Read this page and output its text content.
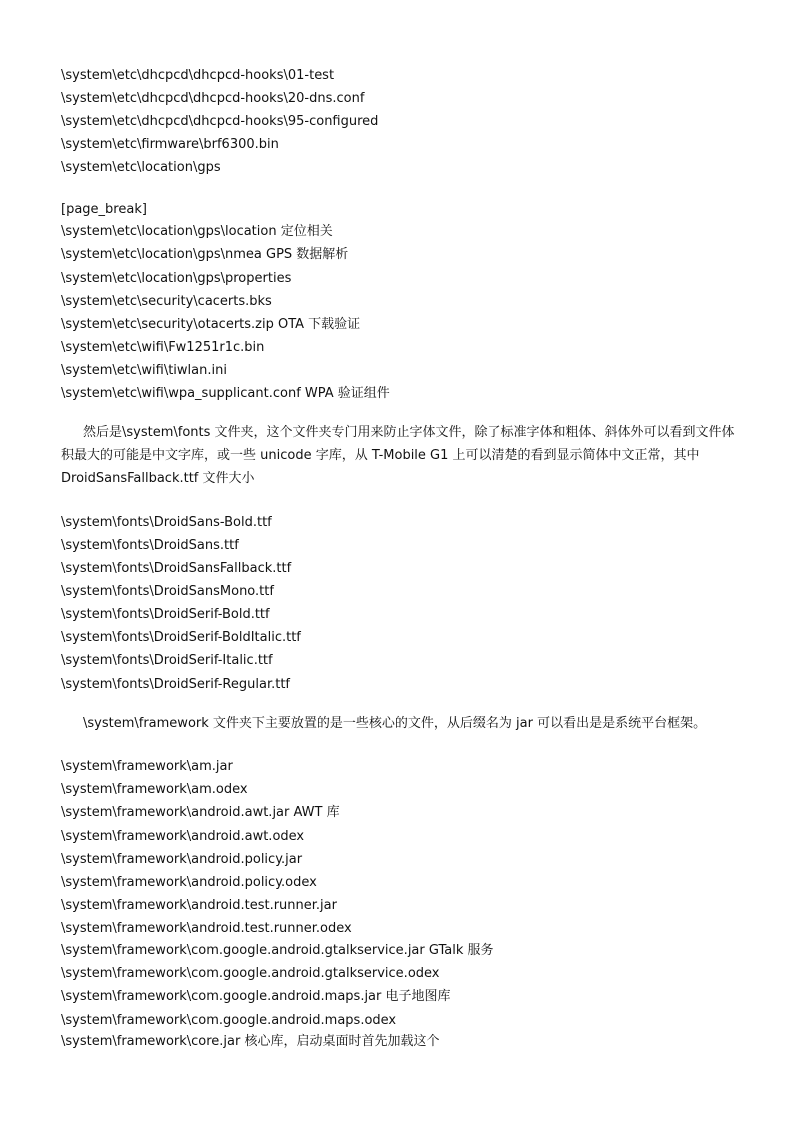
\system\etc\dhcpcd\dhcpcd-hooks\01-test
\system\etc\dhcpcd\dhcpcd-hooks\20-dns.conf
\system\etc\dhcpcd\dhcpcd-hooks\95-configured
\system\etc\firmware\brf6300.bin
\system\etc\location\gps
[page_break]
\system\etc\location\gps\location 定位相关
\system\etc\location\gps\nmea GPS 数据解析
\system\etc\location\gps\properties
\system\etc\security\cacerts.bks
\system\etc\security\otacerts.zip OTA 下载验证
\system\etc\wifi\Fw1251r1c.bin
\system\etc\wifi\tiwlan.ini
\system\etc\wifi\wpa_supplicant.conf WPA 验证组件
然后是\system\fonts 文件夹，这个文件夹专门用来防止字体文件，除了标准字体和粗体、斜体外可以看到文件体积最大的可能是中文字库，或一些 unicode 字库，从 T-Mobile G1 上可以清楚的看到显示简体中文正常，其中 DroidSansFallback.ttf 文件大小
\system\fonts\DroidSans-Bold.ttf
\system\fonts\DroidSans.ttf
\system\fonts\DroidSansFallback.ttf
\system\fonts\DroidSansMono.ttf
\system\fonts\DroidSerif-Bold.ttf
\system\fonts\DroidSerif-BoldItalic.ttf
\system\fonts\DroidSerif-Italic.ttf
\system\fonts\DroidSerif-Regular.ttf
\system\framework 文件夹下主要放置的是一些核心的文件，从后缀名为 jar 可以看出是是系统平台框架。
\system\framework\am.jar
\system\framework\am.odex
\system\framework\android.awt.jar AWT 库
\system\framework\android.awt.odex
\system\framework\android.policy.jar
\system\framework\android.policy.odex
\system\framework\android.test.runner.jar
\system\framework\android.test.runner.odex
\system\framework\com.google.android.gtalkservice.jar GTalk 服务
\system\framework\com.google.android.gtalkservice.odex
\system\framework\com.google.android.maps.jar 电子地图库
\system\framework\com.google.android.maps.odex
\system\framework\core.jar 核心库，启动桌面时首先加载这个
